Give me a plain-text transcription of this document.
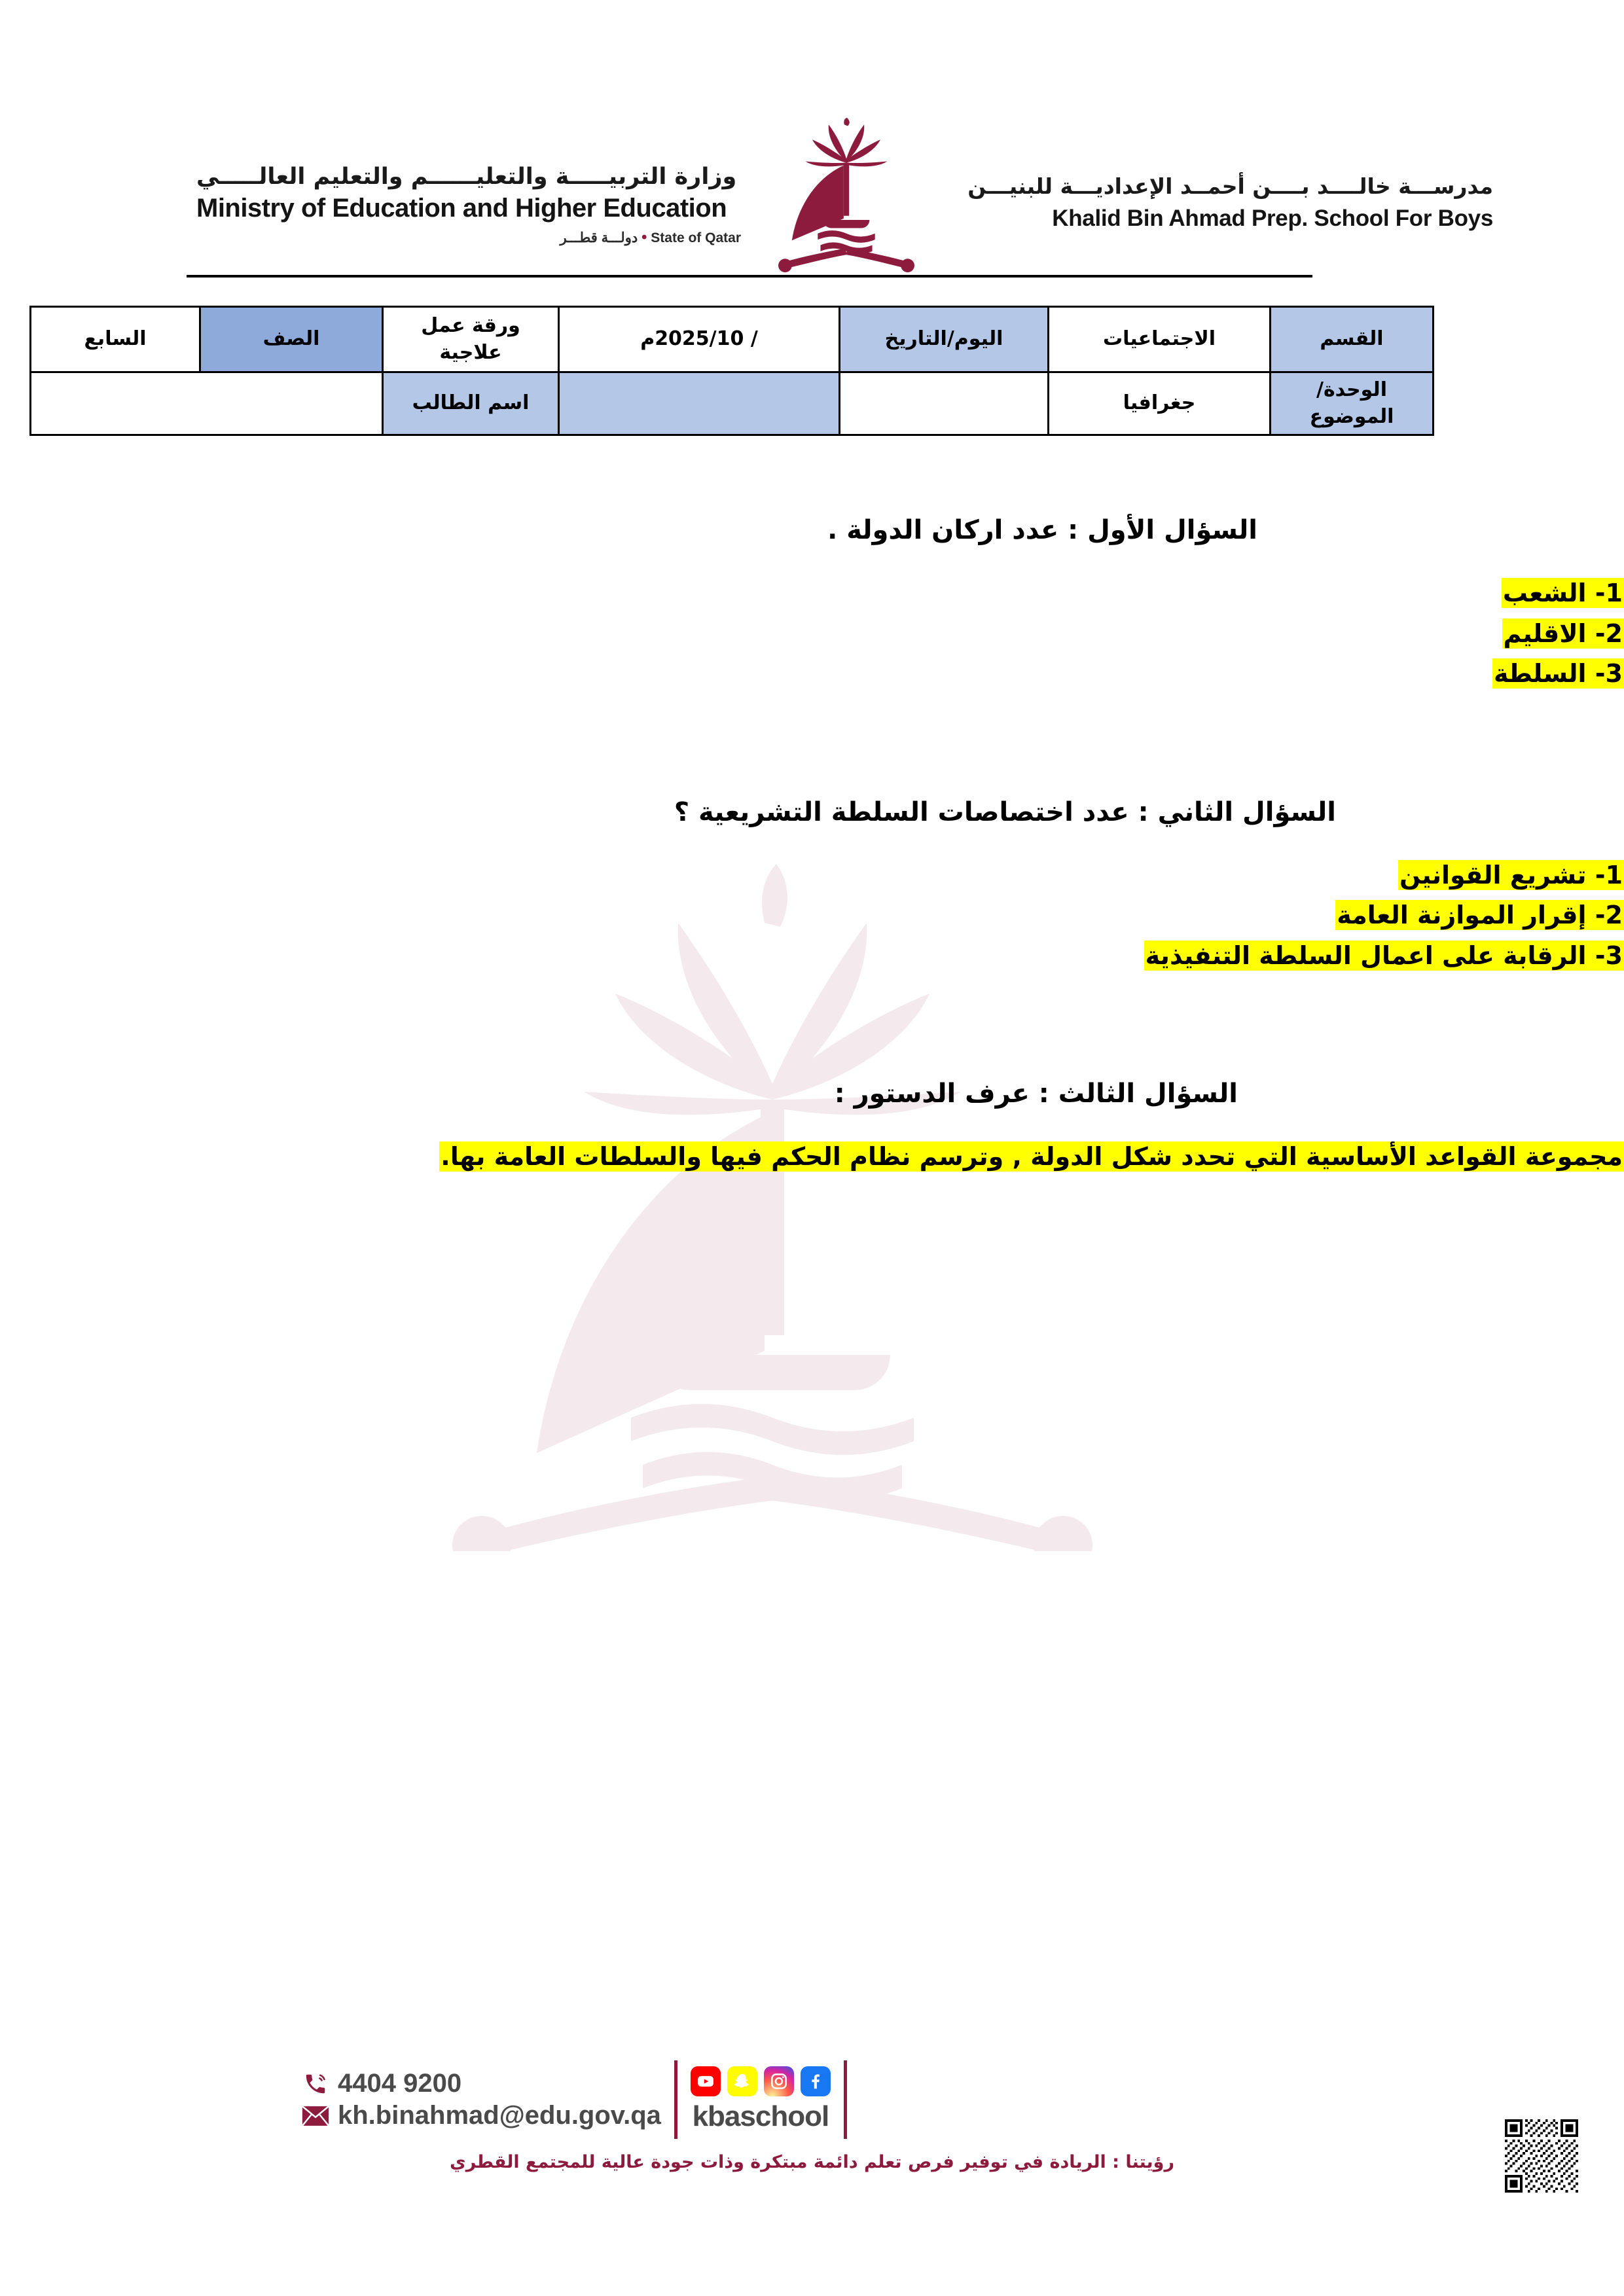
وزارة التربيـــــة والتعليــــــم والتعليم العالـــــي
Ministry of Education and Higher Education
State of Qatar • دولـــة قطـــر
مدرســـة خالــــد بــــن أحمــد الإعداديـــة للبنيـــن
Khalid Bin Ahmad Prep. School For Boys
القسم	الاجتماعيات	اليوم/التاريخ	/ 2025/10م	ورقة عمل علاجية	الصف	السابع
الوحدة/الموضوع	جغرافيا			اسم الطالب		
السؤال الأول : عدد اركان الدولة .
1- الشعب
2- الاقليم
3- السلطة
السؤال الثاني : عدد اختصاصات السلطة التشريعية ؟
1- تشريع القوانين
2- إقرار الموازنة العامة
3- الرقابة على اعمال السلطة التنفيذية
السؤال الثالث : عرف الدستور :
مجموعة القواعد الأساسية التي تحدد شكل الدولة , وترسم نظام الحكم فيها والسلطات العامة بها.
kbaschool
4404 9200
kh.binahmad@edu.gov.qa
رؤيتنا : الريادة في توفير فرص تعلم دائمة مبتكرة وذات جودة عالية للمجتمع القطري
